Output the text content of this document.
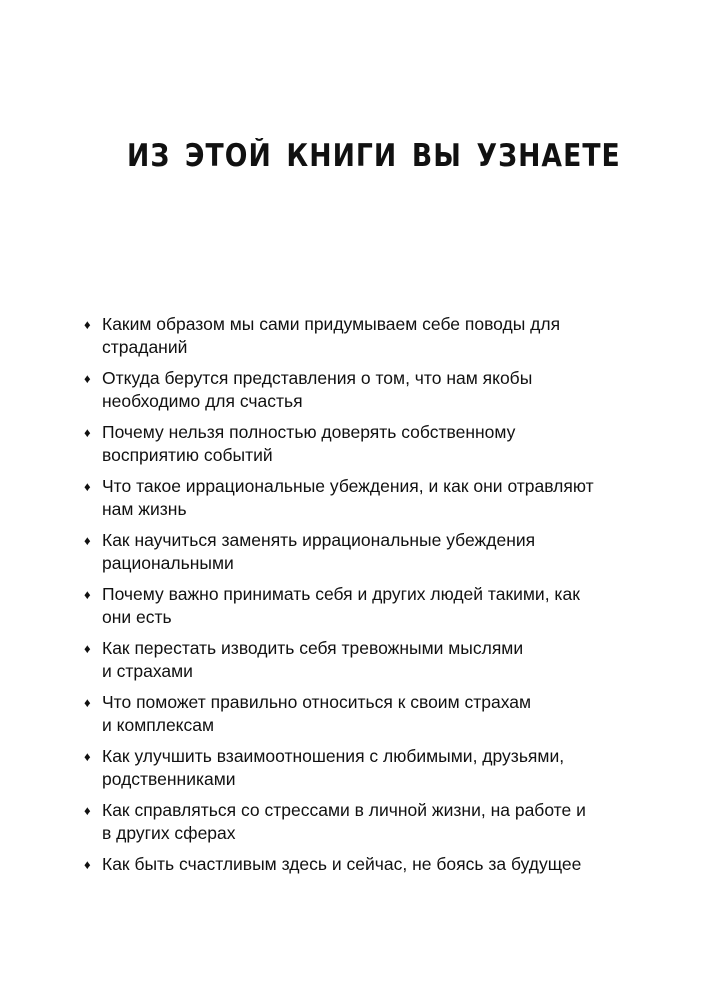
ИЗ ЭТОЙ КНИГИ ВЫ УЗНАЕТЕ
♦ Каким образом мы сами придумываем себе поводы для
страданий
♦ Откуда берутся представления о том, что нам якобы
необходимо для счастья
♦ Почему нельзя полностью доверять собственному
восприятию событий
♦ Что такое иррациональные убеждения, и как они отравляют
нам жизнь
♦ Как научиться заменять иррациональные убеждения
рациональными
♦ Почему важно принимать себя и других людей такими, как
они есть
♦ Как перестать изводить себя тревожными мыслями
и страхами
♦ Что поможет правильно относиться к своим страхам
и комплексам
♦ Как улучшить взаимоотношения с любимыми, друзьями,
родственниками
♦ Как справляться со стрессами в личной жизни, на работе и
в других сферах
♦ Как быть счастливым здесь и сейчас, не боясь за будущее
